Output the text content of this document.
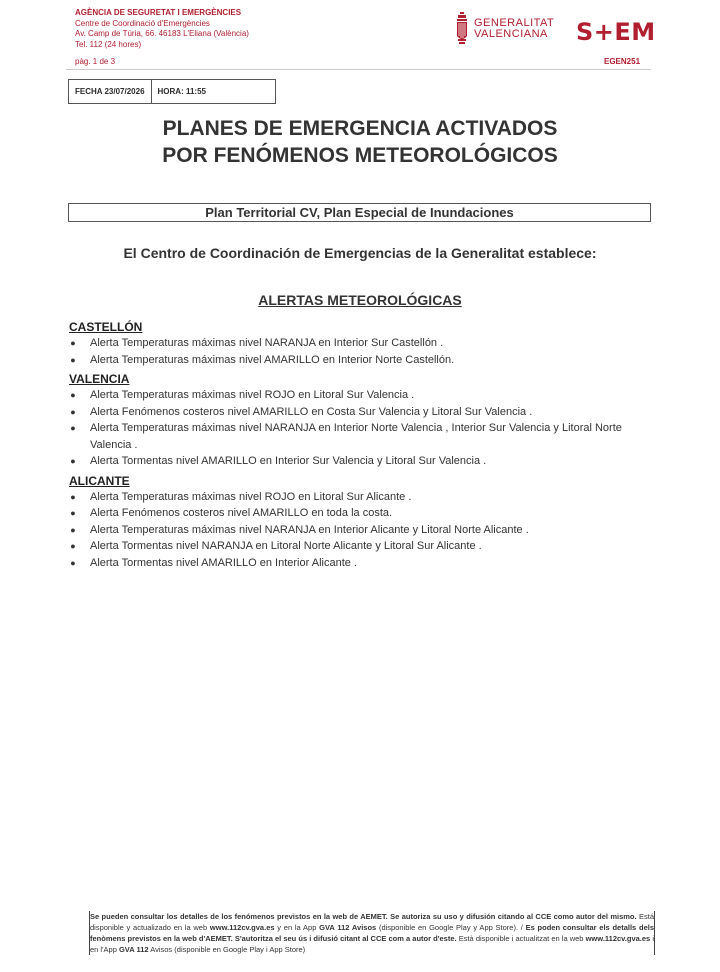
AGÈNCIA DE SEGURETAT I EMERGÈNCIES
Centre de Coordinació d'Emergències
Av. Camp de Túria, 66. 46183 L'Eliana (València)
Tel. 112 (24 hores)
pàg. 1 de 3
GENERALITAT
VALENCIANA S+EM
EGEN251
FECHA 23/07/2026	HORA: 11:55
PLANES DE EMERGENCIA ACTIVADOS
POR FENÓMENOS METEOROLÓGICOS
Plan Territorial CV, Plan Especial de Inundaciones
El Centro de Coordinación de Emergencias de la Generalitat establece:
ALERTAS METEOROLÓGICAS
CASTELLÓN
● Alerta Temperaturas máximas nivel NARANJA en Interior Sur Castellón .
● Alerta Temperaturas máximas nivel AMARILLO en Interior Norte Castellón.
VALENCIA
● Alerta Temperaturas máximas nivel ROJO en Litoral Sur Valencia .
● Alerta Fenómenos costeros nivel AMARILLO en Costa Sur Valencia y Litoral Sur Valencia .
● Alerta Temperaturas máximas nivel NARANJA en Interior Norte Valencia , Interior Sur Valencia y Litoral Norte Valencia .
● Alerta Tormentas nivel AMARILLO en Interior Sur Valencia y Litoral Sur Valencia .
ALICANTE
● Alerta Temperaturas máximas nivel ROJO en Litoral Sur Alicante .
● Alerta Fenómenos costeros nivel AMARILLO en toda la costa.
● Alerta Temperaturas máximas nivel NARANJA en Interior Alicante y Litoral Norte Alicante .
● Alerta Tormentas nivel NARANJA en Litoral Norte Alicante y Litoral Sur Alicante .
● Alerta Tormentas nivel AMARILLO en Interior Alicante .
Se pueden consultar los detalles de los fenómenos previstos en la web de AEMET. Se autoriza su uso y difusión citando al CCE como autor del mismo. Está disponible y actualizado en la web www.112cv.gva.es y en la App GVA 112 Avisos (disponible en Google Play y App Store). / Es poden consultar els detalls dels fenòmens previstos en la web d'AEMET. S'autoritza el seu ús i difusió citant al CCE com a autor d'este. Està disponible i actualitzat en la web www.112cv.gva.es i en l'App GVA 112 Avisos (disponible en Google Play i App Store)
